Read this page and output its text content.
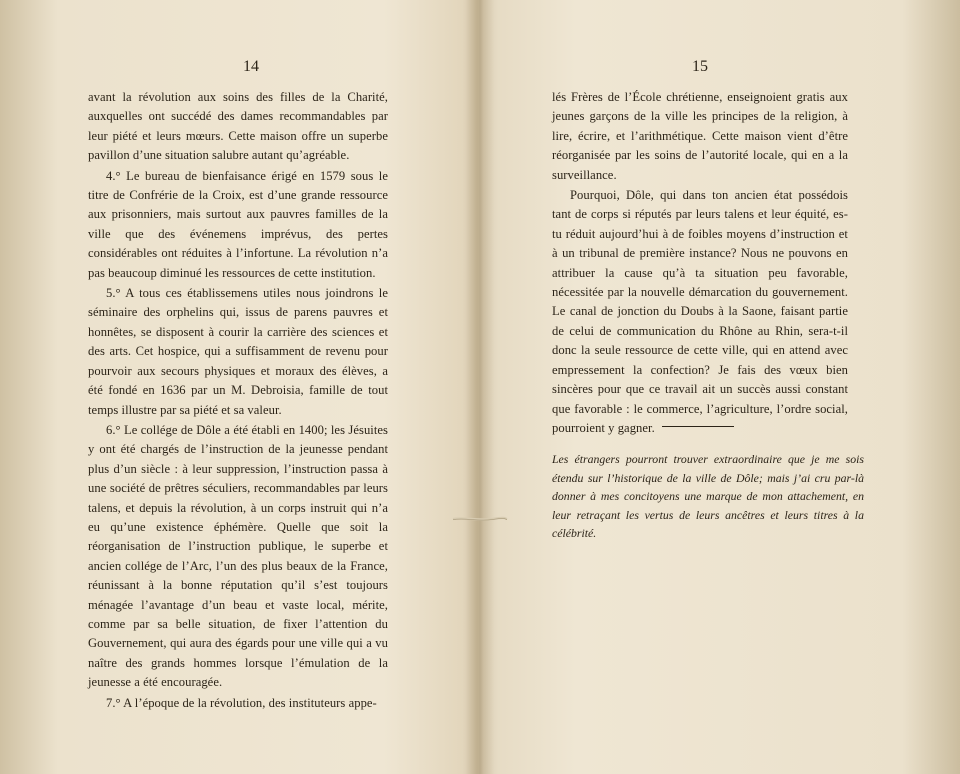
14

avant la révolution aux soins des filles de la Charité, auxquelles ont succédé des dames recommandables par leur piété et leurs mœurs. Cette maison offre un superbe pavillon d’une situation salubre autant qu’agréable.

4.° Le bureau de bienfaisance érigé en 1579 sous le titre de Confrérie de la Croix, est d’une grande ressource aux prisonniers, mais surtout aux pauvres familles de la ville que des événemens imprévus, des pertes considérables ont réduites à l’infortune. La révolution n’a pas beaucoup diminué les ressources de cette institution.

5.° A tous ces établissemens utiles nous joindrons le séminaire des orphelins qui, issus de parens pauvres et honnêtes, se disposent à courir la carrière des sciences et des arts. Cet hospice, qui a suffisamment de revenu pour pourvoir aux secours physiques et moraux des élèves, a été fondé en 1636 par un M. Debroisia, famille de tout temps illustre par sa piété et sa valeur.

6.° Le collége de Dôle a été établi en 1400; les Jésuites y ont été chargés de l’instruction de la jeunesse pendant plus d’un siècle : à leur suppression, l’instruction passa à une société de prêtres séculiers, recommandables par leurs talens, et depuis la révolution, à un corps instruit qui n’a eu qu’une existence éphémère. Quelle que soit la réorganisation de l’instruction publique, le superbe et ancien collége de l’Arc, l’un des plus beaux de la France, réunissant à la bonne réputation qu’il s’est toujours ménagée l’avantage d’un beau et vaste local, mérite, comme par sa belle situation, de fixer l’attention du Gouvernement, qui aura des égards pour une ville qui a vu naître des grands hommes lorsque l’émulation de la jeunesse a été encouragée.

7.° A l’époque de la révolution, des instituteurs appe-

15

lés Frères de l’École chrétienne, enseignoient gratis aux jeunes garçons de la ville les principes de la religion, à lire, écrire, et l’arithmétique. Cette maison vient d’être réorganisée par les soins de l’autorité locale, qui en a la surveillance.

Pourquoi, Dôle, qui dans ton ancien état possédois tant de corps si réputés par leurs talens et leur équité, es-tu réduit aujourd’hui à de foibles moyens d’instruction et à un tribunal de première instance? Nous ne pouvons en attribuer la cause qu’à ta situation peu favorable, nécessitée par la nouvelle démarcation du gouvernement. Le canal de jonction du Doubs à la Saone, faisant partie de celui de communication du Rhône au Rhin, sera-t-il donc la seule ressource de cette ville, qui en attend avec empressement la confection? Je fais des vœux bien sincères pour que ce travail ait un succès aussi constant que favorable : le commerce, l’agriculture, l’ordre social, pourroient y gagner.

Les étrangers pourront trouver extraordinaire que je me sois étendu sur l’historique de la ville de Dôle; mais j’ai cru par-là donner à mes concitoyens une marque de mon attachement, en leur retraçant les vertus de leurs ancêtres et leurs titres à la célébrité.
